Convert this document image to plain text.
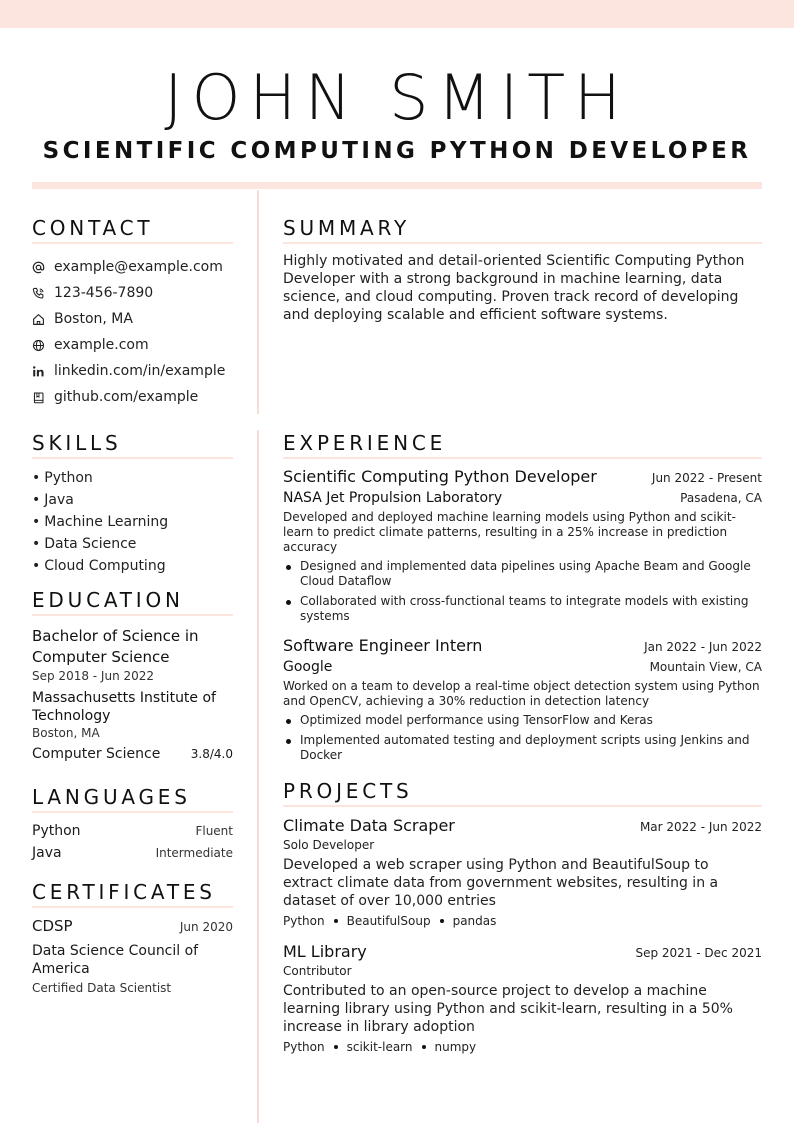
JOHN SMITH
SCIENTIFIC COMPUTING PYTHON DEVELOPER
CONTACT
example@example.com
123-456-7890
Boston, MA
example.com
linkedin.com/in/example
github.com/example
SKILLS
• Python
• Java
• Machine Learning
• Data Science
• Cloud Computing
EDUCATION
Bachelor of Science in Computer Science
Sep 2018 - Jun 2022
Massachusetts Institute of Technology
Boston, MA
Computer Science	3.8/4.0
LANGUAGES
Python	Fluent
Java	Intermediate
CERTIFICATES
CDSP	Jun 2020
Data Science Council of America
Certified Data Scientist
SUMMARY
Highly motivated and detail-oriented Scientific Computing Python Developer with a strong background in machine learning, data science, and cloud computing. Proven track record of developing and deploying scalable and efficient software systems.
EXPERIENCE
Scientific Computing Python Developer	Jun 2022 - Present
NASA Jet Propulsion Laboratory	Pasadena, CA
Developed and deployed machine learning models using Python and scikit-learn to predict climate patterns, resulting in a 25% increase in prediction accuracy
Designed and implemented data pipelines using Apache Beam and Google Cloud Dataflow
Collaborated with cross-functional teams to integrate models with existing systems
Software Engineer Intern	Jan 2022 - Jun 2022
Google	Mountain View, CA
Worked on a team to develop a real-time object detection system using Python and OpenCV, achieving a 30% reduction in detection latency
Optimized model performance using TensorFlow and Keras
Implemented automated testing and deployment scripts using Jenkins and Docker
PROJECTS
Climate Data Scraper	Mar 2022 - Jun 2022
Solo Developer
Developed a web scraper using Python and BeautifulSoup to extract climate data from government websites, resulting in a dataset of over 10,000 entries
Python BeautifulSoup pandas
ML Library	Sep 2021 - Dec 2021
Contributor
Contributed to an open-source project to develop a machine learning library using Python and scikit-learn, resulting in a 50% increase in library adoption
Python scikit-learn numpy
